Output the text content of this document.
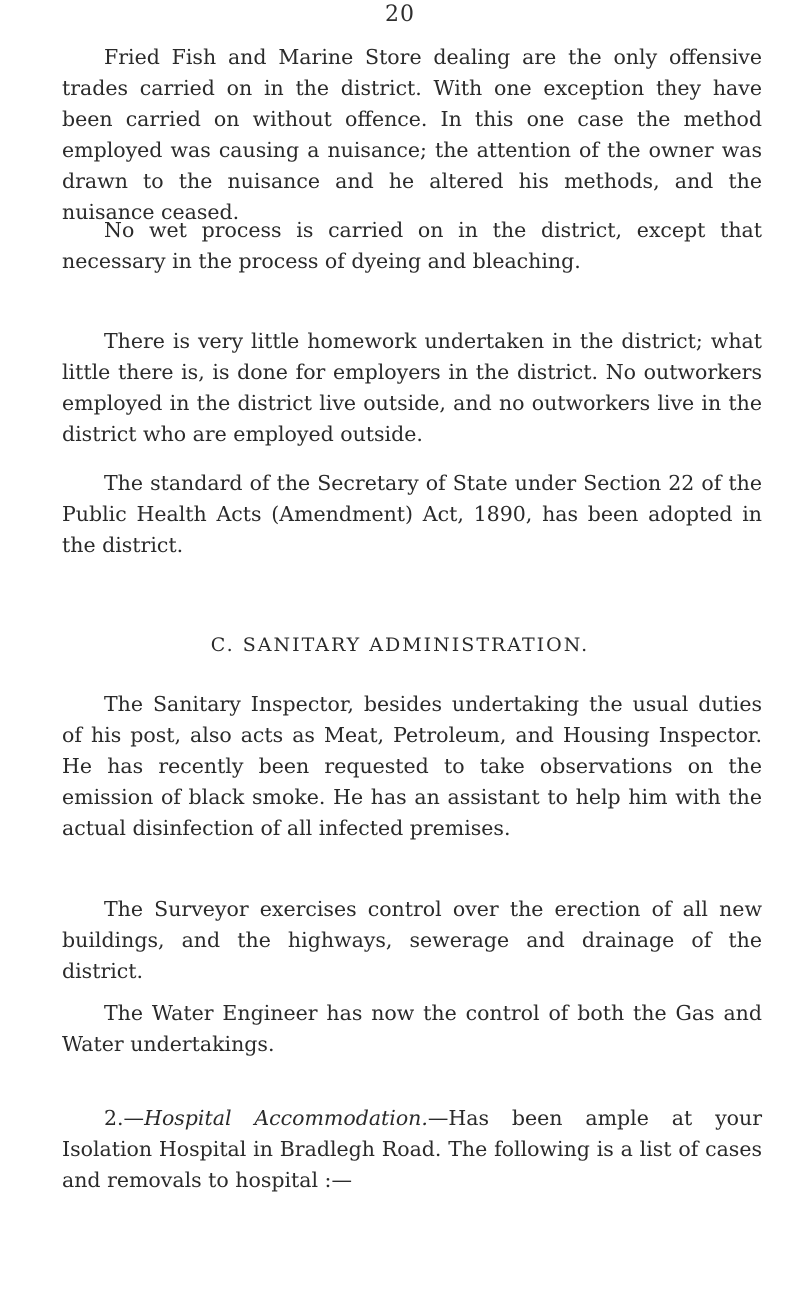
20

Fried Fish and Marine Store dealing are the only offensive trades carried on in the district. With one exception they have been carried on without offence. In this one case the method employed was causing a nuisance; the attention of the owner was drawn to the nuisance and he altered his methods, and the nuisance ceased.

No wet process is carried on in the district, except that necessary in the process of dyeing and bleaching.

There is very little homework undertaken in the district; what little there is, is done for employers in the district. No outworkers employed in the district live outside, and no outworkers live in the district who are employed outside.

The standard of the Secretary of State under Section 22 of the Public Health Acts (Amendment) Act, 1890, has been adopted in the district.

C. SANITARY ADMINISTRATION.

The Sanitary Inspector, besides undertaking the usual duties of his post, also acts as Meat, Petroleum, and Housing Inspector. He has recently been requested to take observations on the emission of black smoke. He has an assistant to help him with the actual disinfection of all infected premises.

The Surveyor exercises control over the erection of all new buildings, and the highways, sewerage and drainage of the district.

The Water Engineer has now the control of both the Gas and Water undertakings.

2.—Hospital Accommodation.—Has been ample at your Isolation Hospital in Bradlegh Road. The following is a list of cases and removals to hospital :—
